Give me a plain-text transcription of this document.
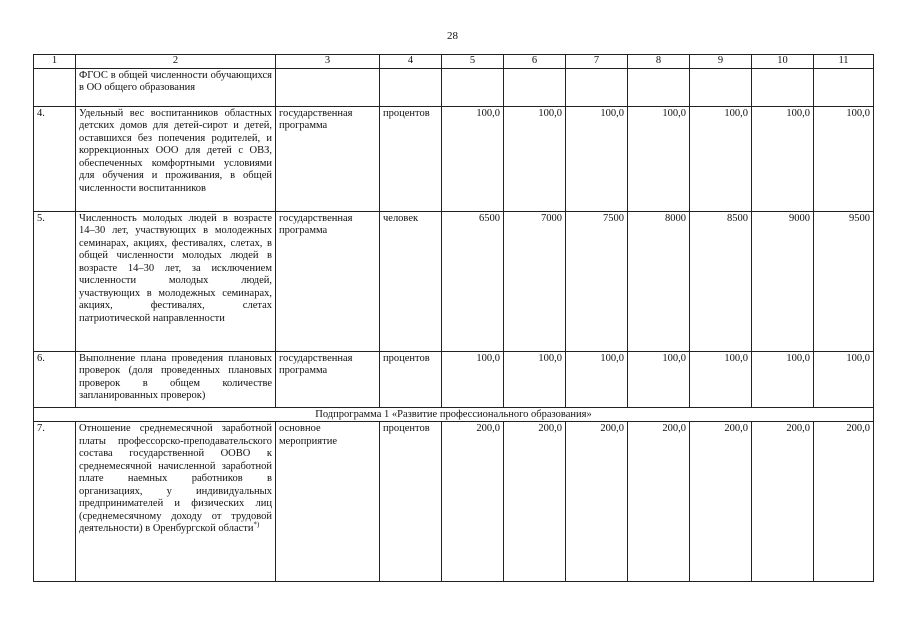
28
1	2	3	4	5	6	7	8	9	10	11
	ФГОС в общей численности обучающихся в ОО общего образования									
4.	Удельный вес воспитанников областных детских домов для детей-сирот и детей, оставшихся без попечения родителей, и коррекционных ООО для детей с ОВЗ, обеспеченных комфортными условиями для обучения и проживания, в общей численности воспитанников	государственная программа	процентов	100,0	100,0	100,0	100,0	100,0	100,0	100,0
5.	Численность молодых людей в возрасте 14–30 лет, участвующих в молодежных семинарах, акциях, фестивалях, слетах, в общей численности молодых людей в возрасте 14–30 лет, за исключением численности молодых людей, участвующих в молодежных семинарах, акциях, фестивалях, слетах патриотической направленности	государственная программа	человек	6500	7000	7500	8000	8500	9000	9500
6.	Выполнение плана проведения плановых проверок (доля проведенных плановых проверок в общем количестве запланированных проверок)	государственная программа	процентов	100,0	100,0	100,0	100,0	100,0	100,0	100,0
Подпрограмма 1 «Развитие профессионального образования»										
7.	Отношение среднемесячной заработной платы профессорско-преподавательского состава государственной ООВО к среднемесячной начисленной заработной плате наемных работников в организациях, у индивидуальных предпринимателей и физических лиц (среднемесячному доходу от трудовой деятельности) в Оренбургской области*)	основное мероприятие	процентов	200,0	200,0	200,0	200,0	200,0	200,0	200,0
